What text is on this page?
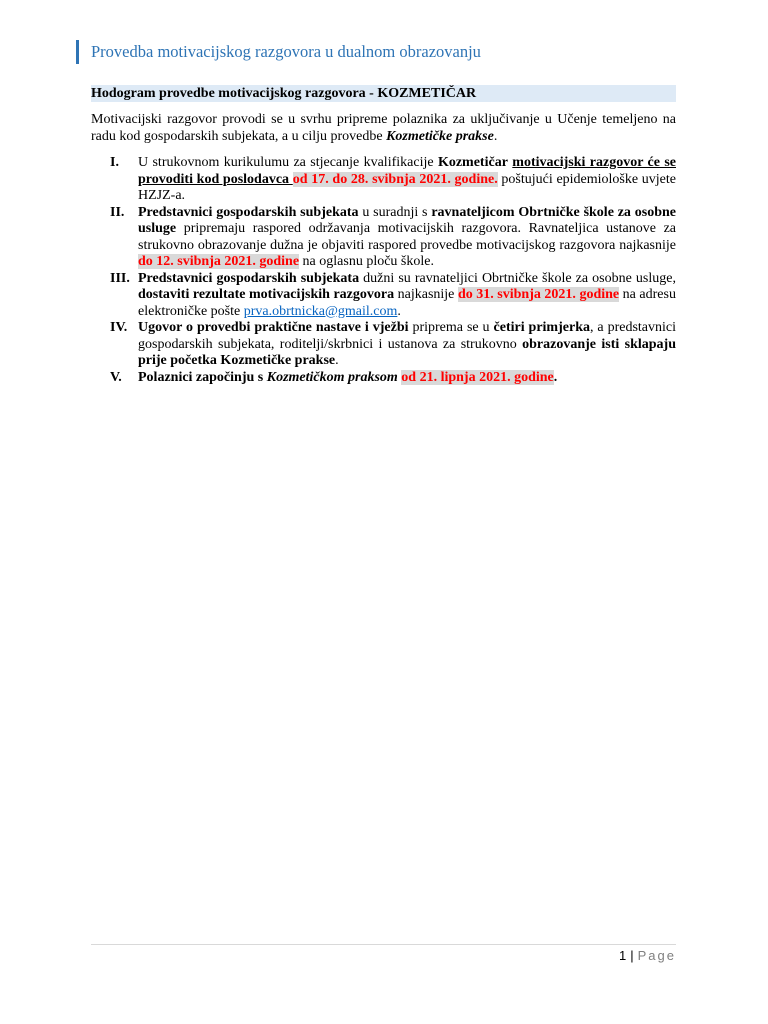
Provedba motivacijskog razgovora u dualnom obrazovanju
Hodogram provedbe motivacijskog razgovora - KOZMETIČAR

Motivacijski razgovor provodi se u svrhu pripreme polaznika za uključivanje u Učenje temeljeno na radu kod gospodarskih subjekata, a u cilju provedbe Kozmetičke prakse.

I.	U strukovnom kurikulumu za stjecanje kvalifikacije Kozmetičar motivacijski razgovor će se provoditi kod poslodavca od 17. do 28. svibnja 2021. godine. poštujući epidemiološke uvjete HZJZ-a.
II. Predstavnici gospodarskih subjekata u suradnji s ravnateljicom Obrtničke škole za osobne usluge pripremaju raspored održavanja motivacijskih razgovora. Ravnateljica ustanove za strukovno obrazovanje dužna je objaviti raspored provedbe motivacijskog razgovora najkasnije do 12. svibnja 2021. godine na oglasnu ploču škole.
III. Predstavnici gospodarskih subjekata dužni su ravnateljici Obrtničke škole za osobne usluge, dostaviti rezultate motivacijskih razgovora najkasnije do 31. svibnja 2021. godine na adresu elektroničke pošte prva.obrtnicka@gmail.com.
IV. Ugovor o provedbi praktične nastave i vježbi priprema se u četiri primjerka, a predstavnici gospodarskih subjekata, roditelji/skrbnici i ustanova za strukovno obrazovanje isti sklapaju prije početka Kozmetičke prakse.
V.	Polaznici započinju s Kozmetičkom praksom od 21. lipnja 2021. godine.
1 | Page
